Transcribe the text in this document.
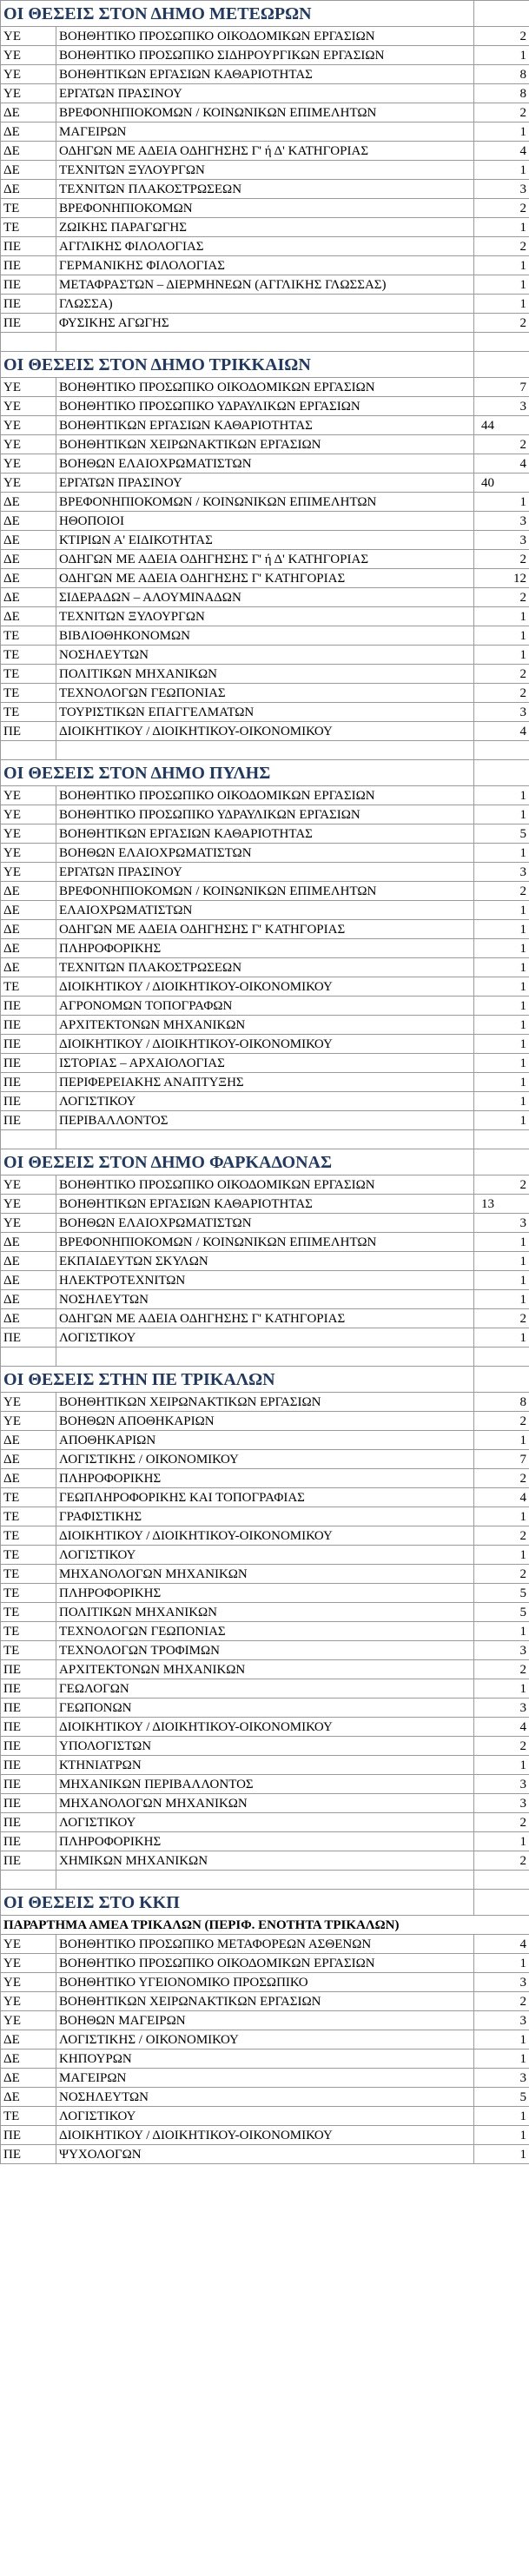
ΟΙ ΘΕΣΕΙΣ ΣΤΟΝ ΔΗΜΟ ΜΕΤΕΩΡΩΝ		
ΥΕ	ΒΟΗΘΗΤΙΚΟ ΠΡΟΣΩΠΙΚΟ ΟΙΚΟΔΟΜΙΚΩΝ ΕΡΓΑΣΙΩΝ	2
ΥΕ	ΒΟΗΘΗΤΙΚΟ ΠΡΟΣΩΠΙΚΟ ΣΙΔΗΡΟΥΡΓΙΚΩΝ ΕΡΓΑΣΙΩΝ	1
ΥΕ	ΒΟΗΘΗΤΙΚΩΝ ΕΡΓΑΣΙΩΝ ΚΑΘΑΡΙΟΤΗΤΑΣ	8
ΥΕ	ΕΡΓΑΤΩΝ ΠΡΑΣΙΝΟΥ	8
ΔΕ	ΒΡΕΦΟΝΗΠΙΟΚΟΜΩΝ / ΚΟΙΝΩΝΙΚΩΝ ΕΠΙΜΕΛΗΤΩΝ	2
ΔΕ	ΜΑΓΕΙΡΩΝ	1
ΔΕ	ΟΔΗΓΩΝ ΜΕ ΑΔΕΙΑ ΟΔΗΓΗΣΗΣ Γ' ή Δ' ΚΑΤΗΓΟΡΙΑΣ	4
ΔΕ	ΤΕΧΝΙΤΩΝ ΞΥΛΟΥΡΓΩΝ	1
ΔΕ	ΤΕΧΝΙΤΩΝ ΠΛΑΚΟΣΤΡΩΣΕΩΝ	3
ΤΕ	ΒΡΕΦΟΝΗΠΙΟΚΟΜΩΝ	2
ΤΕ	ΖΩΙΚΗΣ ΠΑΡΑΓΩΓΗΣ	1
ΠΕ	ΑΓΓΛΙΚΗΣ ΦΙΛΟΛΟΓΙΑΣ	2
ΠΕ	ΓΕΡΜΑΝΙΚΗΣ ΦΙΛΟΛΟΓΙΑΣ	1
ΠΕ	ΜΕΤΑΦΡΑΣΤΩΝ – ΔΙΕΡΜΗΝΕΩΝ (ΑΓΓΛΙΚΗΣ ΓΛΩΣΣΑΣ)	1
ΠΕ	ΓΛΩΣΣΑ)	1
ΠΕ	ΦΥΣΙΚΗΣ ΑΓΩΓΗΣ	2

ΟΙ ΘΕΣΕΙΣ ΣΤΟΝ ΔΗΜΟ ΤΡΙΚΚΑΙΩΝ		
ΥΕ	ΒΟΗΘΗΤΙΚΟ ΠΡΟΣΩΠΙΚΟ ΟΙΚΟΔΟΜΙΚΩΝ ΕΡΓΑΣΙΩΝ	7
ΥΕ	ΒΟΗΘΗΤΙΚΟ ΠΡΟΣΩΠΙΚΟ ΥΔΡΑΥΛΙΚΩΝ ΕΡΓΑΣΙΩΝ	3
ΥΕ	ΒΟΗΘΗΤΙΚΩΝ ΕΡΓΑΣΙΩΝ ΚΑΘΑΡΙΟΤΗΤΑΣ	44
ΥΕ	ΒΟΗΘΗΤΙΚΩΝ ΧΕΙΡΩΝΑΚΤΙΚΩΝ ΕΡΓΑΣΙΩΝ	2
ΥΕ	ΒΟΗΘΩΝ ΕΛΑΙΟΧΡΩΜΑΤΙΣΤΩΝ	4
ΥΕ	ΕΡΓΑΤΩΝ ΠΡΑΣΙΝΟΥ	40
ΔΕ	ΒΡΕΦΟΝΗΠΙΟΚΟΜΩΝ / ΚΟΙΝΩΝΙΚΩΝ ΕΠΙΜΕΛΗΤΩΝ	1
ΔΕ	ΗΘΟΠΟΙΟΙ	3
ΔΕ	ΚΤΙΡΙΩΝ Α' ΕΙΔΙΚΟΤΗΤΑΣ	3
ΔΕ	ΟΔΗΓΩΝ ΜΕ ΑΔΕΙΑ ΟΔΗΓΗΣΗΣ Γ' ή Δ' ΚΑΤΗΓΟΡΙΑΣ	2
ΔΕ	ΟΔΗΓΩΝ ΜΕ ΑΔΕΙΑ ΟΔΗΓΗΣΗΣ Γ' ΚΑΤΗΓΟΡΙΑΣ	12
ΔΕ	ΣΙΔΕΡΑΔΩΝ – ΑΛΟΥΜΙΝΑΔΩΝ	2
ΔΕ	ΤΕΧΝΙΤΩΝ ΞΥΛΟΥΡΓΩΝ	1
ΤΕ	ΒΙΒΛΙΟΘΗΚΟΝΟΜΩΝ	1
ΤΕ	ΝΟΣΗΛΕΥΤΩΝ	1
ΤΕ	ΠΟΛΙΤΙΚΩΝ ΜΗΧΑΝΙΚΩΝ	2
ΤΕ	ΤΕΧΝΟΛΟΓΩΝ ΓΕΩΠΟΝΙΑΣ	2
ΤΕ	ΤΟΥΡΙΣΤΙΚΩΝ ΕΠΑΓΓΕΛΜΑΤΩΝ	3
ΠΕ	ΔΙΟΙΚΗΤΙΚΟΥ / ΔΙΟΙΚΗΤΙΚΟΥ-ΟΙΚΟΝΟΜΙΚΟΥ	4

ΟΙ ΘΕΣΕΙΣ ΣΤΟΝ ΔΗΜΟ ΠΥΛΗΣ		
ΥΕ	ΒΟΗΘΗΤΙΚΟ ΠΡΟΣΩΠΙΚΟ ΟΙΚΟΔΟΜΙΚΩΝ ΕΡΓΑΣΙΩΝ	1
ΥΕ	ΒΟΗΘΗΤΙΚΟ ΠΡΟΣΩΠΙΚΟ ΥΔΡΑΥΛΙΚΩΝ ΕΡΓΑΣΙΩΝ	1
ΥΕ	ΒΟΗΘΗΤΙΚΩΝ ΕΡΓΑΣΙΩΝ ΚΑΘΑΡΙΟΤΗΤΑΣ	5
ΥΕ	ΒΟΗΘΩΝ ΕΛΑΙΟΧΡΩΜΑΤΙΣΤΩΝ	1
ΥΕ	ΕΡΓΑΤΩΝ ΠΡΑΣΙΝΟΥ	3
ΔΕ	ΒΡΕΦΟΝΗΠΙΟΚΟΜΩΝ / ΚΟΙΝΩΝΙΚΩΝ ΕΠΙΜΕΛΗΤΩΝ	2
ΔΕ	ΕΛΑΙΟΧΡΩΜΑΤΙΣΤΩΝ	1
ΔΕ	ΟΔΗΓΩΝ ΜΕ ΑΔΕΙΑ ΟΔΗΓΗΣΗΣ Γ' ΚΑΤΗΓΟΡΙΑΣ	1
ΔΕ	ΠΛΗΡΟΦΟΡΙΚΗΣ	1
ΔΕ	ΤΕΧΝΙΤΩΝ ΠΛΑΚΟΣΤΡΩΣΕΩΝ	1
ΤΕ	ΔΙΟΙΚΗΤΙΚΟΥ / ΔΙΟΙΚΗΤΙΚΟΥ-ΟΙΚΟΝΟΜΙΚΟΥ	1
ΠΕ	ΑΓΡΟΝΟΜΩΝ ΤΟΠΟΓΡΑΦΩΝ	1
ΠΕ	ΑΡΧΙΤΕΚΤΟΝΩΝ ΜΗΧΑΝΙΚΩΝ	1
ΠΕ	ΔΙΟΙΚΗΤΙΚΟΥ / ΔΙΟΙΚΗΤΙΚΟΥ-ΟΙΚΟΝΟΜΙΚΟΥ	1
ΠΕ	ΙΣΤΟΡΙΑΣ – ΑΡΧΑΙΟΛΟΓΙΑΣ	1
ΠΕ	ΠΕΡΙΦΕΡΕΙΑΚΗΣ ΑΝΑΠΤΥΞΗΣ	1
ΠΕ	ΛΟΓΙΣΤΙΚΟΥ	1
ΠΕ	ΠΕΡΙΒΑΛΛΟΝΤΟΣ	1

ΟΙ ΘΕΣΕΙΣ ΣΤΟΝ ΔΗΜΟ ΦΑΡΚΑΔΟΝΑΣ		
ΥΕ	ΒΟΗΘΗΤΙΚΟ ΠΡΟΣΩΠΙΚΟ ΟΙΚΟΔΟΜΙΚΩΝ ΕΡΓΑΣΙΩΝ	2
ΥΕ	ΒΟΗΘΗΤΙΚΩΝ ΕΡΓΑΣΙΩΝ ΚΑΘΑΡΙΟΤΗΤΑΣ	13
ΥΕ	ΒΟΗΘΩΝ ΕΛΑΙΟΧΡΩΜΑΤΙΣΤΩΝ	3
ΔΕ	ΒΡΕΦΟΝΗΠΙΟΚΟΜΩΝ / ΚΟΙΝΩΝΙΚΩΝ ΕΠΙΜΕΛΗΤΩΝ	1
ΔΕ	ΕΚΠΑΙΔΕΥΤΩΝ ΣΚΥΛΩΝ	1
ΔΕ	ΗΛΕΚΤΡΟΤΕΧΝΙΤΩΝ	1
ΔΕ	ΝΟΣΗΛΕΥΤΩΝ	1
ΔΕ	ΟΔΗΓΩΝ ΜΕ ΑΔΕΙΑ ΟΔΗΓΗΣΗΣ Γ' ΚΑΤΗΓΟΡΙΑΣ	2
ΠΕ	ΛΟΓΙΣΤΙΚΟΥ	1

ΟΙ ΘΕΣΕΙΣ ΣΤΗΝ ΠΕ ΤΡΙΚΑΛΩΝ		
ΥΕ	ΒΟΗΘΗΤΙΚΩΝ ΧΕΙΡΩΝΑΚΤΙΚΩΝ ΕΡΓΑΣΙΩΝ	8
ΥΕ	ΒΟΗΘΩΝ ΑΠΟΘΗΚΑΡΙΩΝ	2
ΔΕ	ΑΠΟΘΗΚΑΡΙΩΝ	1
ΔΕ	ΛΟΓΙΣΤΙΚΗΣ / ΟΙΚΟΝΟΜΙΚΟΥ	7
ΔΕ	ΠΛΗΡΟΦΟΡΙΚΗΣ	2
ΤΕ	ΓΕΩΠΛΗΡΟΦΟΡΙΚΗΣ ΚΑΙ ΤΟΠΟΓΡΑΦΙΑΣ	4
ΤΕ	ΓΡΑΦΙΣΤΙΚΗΣ	1
ΤΕ	ΔΙΟΙΚΗΤΙΚΟΥ / ΔΙΟΙΚΗΤΙΚΟΥ-ΟΙΚΟΝΟΜΙΚΟΥ	2
ΤΕ	ΛΟΓΙΣΤΙΚΟΥ	1
ΤΕ	ΜΗΧΑΝΟΛΟΓΩΝ ΜΗΧΑΝΙΚΩΝ	2
ΤΕ	ΠΛΗΡΟΦΟΡΙΚΗΣ	5
ΤΕ	ΠΟΛΙΤΙΚΩΝ ΜΗΧΑΝΙΚΩΝ	5
ΤΕ	ΤΕΧΝΟΛΟΓΩΝ ΓΕΩΠΟΝΙΑΣ	1
ΤΕ	ΤΕΧΝΟΛΟΓΩΝ ΤΡΟΦΙΜΩΝ	3
ΠΕ	ΑΡΧΙΤΕΚΤΟΝΩΝ ΜΗΧΑΝΙΚΩΝ	2
ΠΕ	ΓΕΩΛΟΓΩΝ	1
ΠΕ	ΓΕΩΠΟΝΩΝ	3
ΠΕ	ΔΙΟΙΚΗΤΙΚΟΥ / ΔΙΟΙΚΗΤΙΚΟΥ-ΟΙΚΟΝΟΜΙΚΟΥ	4
ΠΕ	ΥΠΟΛΟΓΙΣΤΩΝ	2
ΠΕ	ΚΤΗΝΙΑΤΡΩΝ	1
ΠΕ	ΜΗΧΑΝΙΚΩΝ ΠΕΡΙΒΑΛΛΟΝΤΟΣ	3
ΠΕ	ΜΗΧΑΝΟΛΟΓΩΝ ΜΗΧΑΝΙΚΩΝ	3
ΠΕ	ΛΟΓΙΣΤΙΚΟΥ	2
ΠΕ	ΠΛΗΡΟΦΟΡΙΚΗΣ	1
ΠΕ	ΧΗΜΙΚΩΝ ΜΗΧΑΝΙΚΩΝ	2

ΟΙ ΘΕΣΕΙΣ ΣΤΟ ΚΚΠ		
ΠΑΡΑΡΤΗΜΑ ΑΜΕΑ ΤΡΙΚΑΛΩΝ (ΠΕΡΙΦ. ΕΝΟΤΗΤΑ ΤΡΙΚΑΛΩΝ)		
ΥΕ	ΒΟΗΘΗΤΙΚΟ ΠΡΟΣΩΠΙΚΟ ΜΕΤΑΦΟΡΕΩΝ ΑΣΘΕΝΩΝ	4
ΥΕ	ΒΟΗΘΗΤΙΚΟ ΠΡΟΣΩΠΙΚΟ ΟΙΚΟΔΟΜΙΚΩΝ ΕΡΓΑΣΙΩΝ	1
ΥΕ	ΒΟΗΘΗΤΙΚΟ ΥΓΕΙΟΝΟΜΙΚΟ ΠΡΟΣΩΠΙΚΟ	3
ΥΕ	ΒΟΗΘΗΤΙΚΩΝ ΧΕΙΡΩΝΑΚΤΙΚΩΝ ΕΡΓΑΣΙΩΝ	2
ΥΕ	ΒΟΗΘΩΝ ΜΑΓΕΙΡΩΝ	3
ΔΕ	ΛΟΓΙΣΤΙΚΗΣ / ΟΙΚΟΝΟΜΙΚΟΥ	1
ΔΕ	ΚΗΠΟΥΡΩΝ	1
ΔΕ	ΜΑΓΕΙΡΩΝ	3
ΔΕ	ΝΟΣΗΛΕΥΤΩΝ	5
ΤΕ	ΛΟΓΙΣΤΙΚΟΥ	1
ΠΕ	ΔΙΟΙΚΗΤΙΚΟΥ / ΔΙΟΙΚΗΤΙΚΟΥ-ΟΙΚΟΝΟΜΙΚΟΥ	1
ΠΕ	ΨΥΧΟΛΟΓΩΝ	1
